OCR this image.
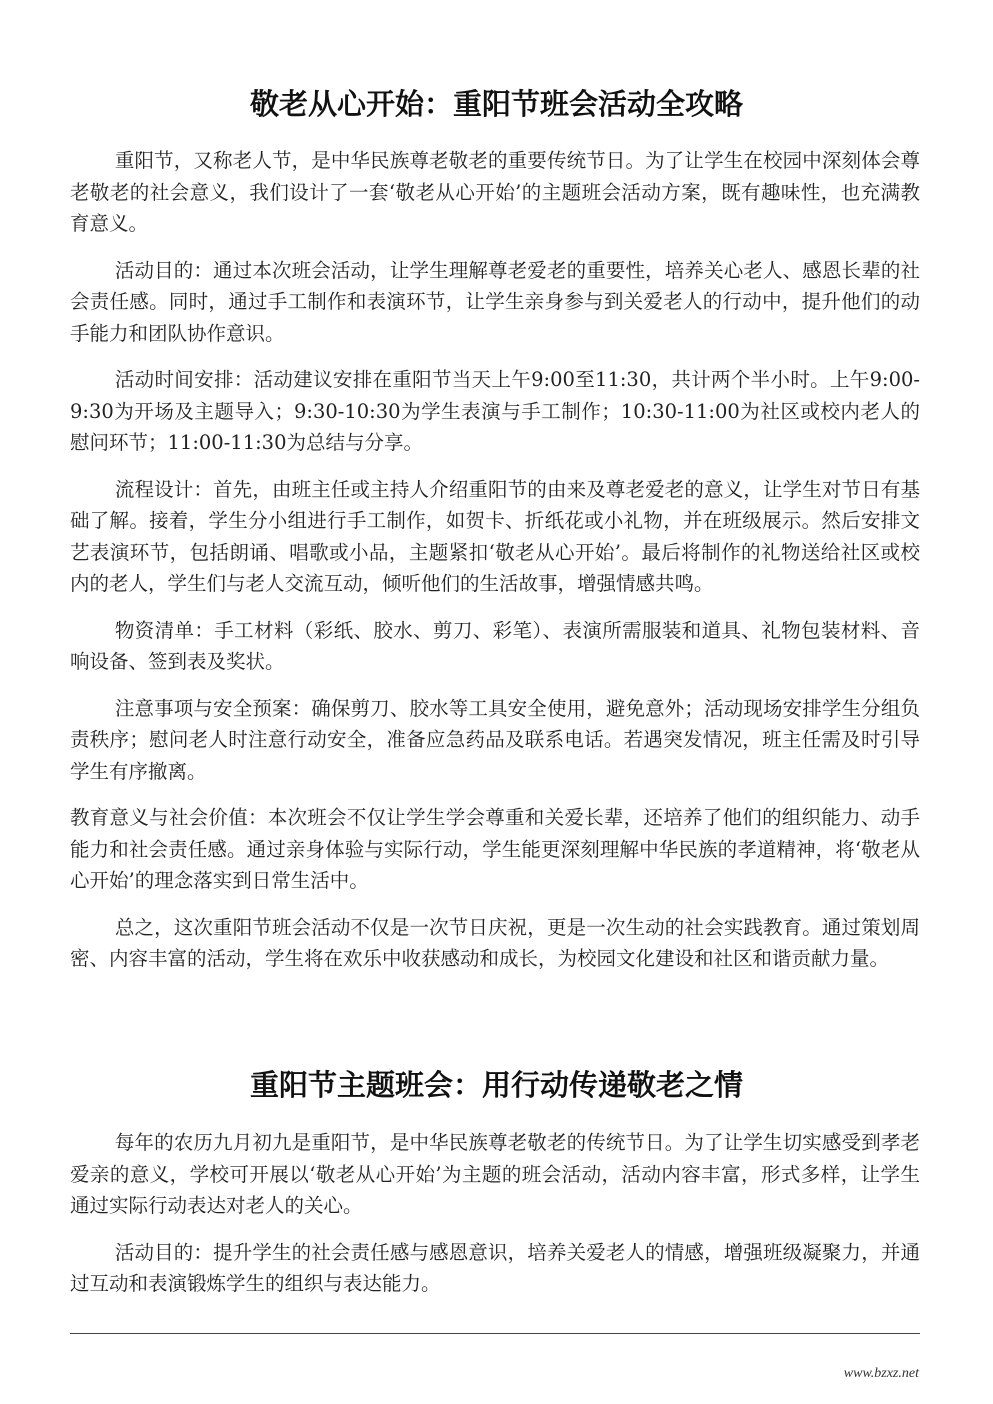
bzxz.net
敬老从心开始：重阳节班会活动全攻略

重阳节，又称老人节，是中华民族尊老敬老的重要传统节日。为了让学生在校园中深刻体会尊老敬老的社会意义，我们设计了一套‘敬老从心开始’的主题班会活动方案，既有趣味性，也充满教育意义。

活动目的：通过本次班会活动，让学生理解尊老爱老的重要性，培养关心老人、感恩长辈的社会责任感。同时，通过手工制作和表演环节，让学生亲身参与到关爱老人的行动中，提升他们的动手能力和团队协作意识。

活动时间安排：活动建议安排在重阳节当天上午9:00至11:30，共计两个半小时。上午9:00-9:30为开场及主题导入；9:30-10:30为学生表演与手工制作；10:30-11:00为社区或校内老人的慰问环节；11:00-11:30为总结与分享。

流程设计：首先，由班主任或主持人介绍重阳节的由来及尊老爱老的意义，让学生对节日有基础了解。接着，学生分小组进行手工制作，如贺卡、折纸花或小礼物，并在班级展示。然后安排文艺表演环节，包括朗诵、唱歌或小品，主题紧扣‘敬老从心开始’。最后将制作的礼物送给社区或校内的老人，学生们与老人交流互动，倾听他们的生活故事，增强情感共鸣。

物资清单：手工材料（彩纸、胶水、剪刀、彩笔）、表演所需服装和道具、礼物包装材料、音响设备、签到表及奖状。

注意事项与安全预案：确保剪刀、胶水等工具安全使用，避免意外；活动现场安排学生分组负责秩序；慰问老人时注意行动安全，准备应急药品及联系电话。若遇突发情况，班主任需及时引导学生有序撤离。

教育意义与社会价值：本次班会不仅让学生学会尊重和关爱长辈，还培养了他们的组织能力、动手能力和社会责任感。通过亲身体验与实际行动，学生能更深刻理解中华民族的孝道精神，将‘敬老从心开始’的理念落实到日常生活中。

总之，这次重阳节班会活动不仅是一次节日庆祝，更是一次生动的社会实践教育。通过策划周密、内容丰富的活动，学生将在欢乐中收获感动和成长，为校园文化建设和社区和谐贡献力量。

重阳节主题班会：用行动传递敬老之情

每年的农历九月初九是重阳节，是中华民族尊老敬老的传统节日。为了让学生切实感受到孝老爱亲的意义，学校可开展以‘敬老从心开始’为主题的班会活动，活动内容丰富，形式多样，让学生通过实际行动表达对老人的关心。

活动目的：提升学生的社会责任感与感恩意识，培养关爱老人的情感，增强班级凝聚力，并通过互动和表演锻炼学生的组织与表达能力。

www.bzxz.net
